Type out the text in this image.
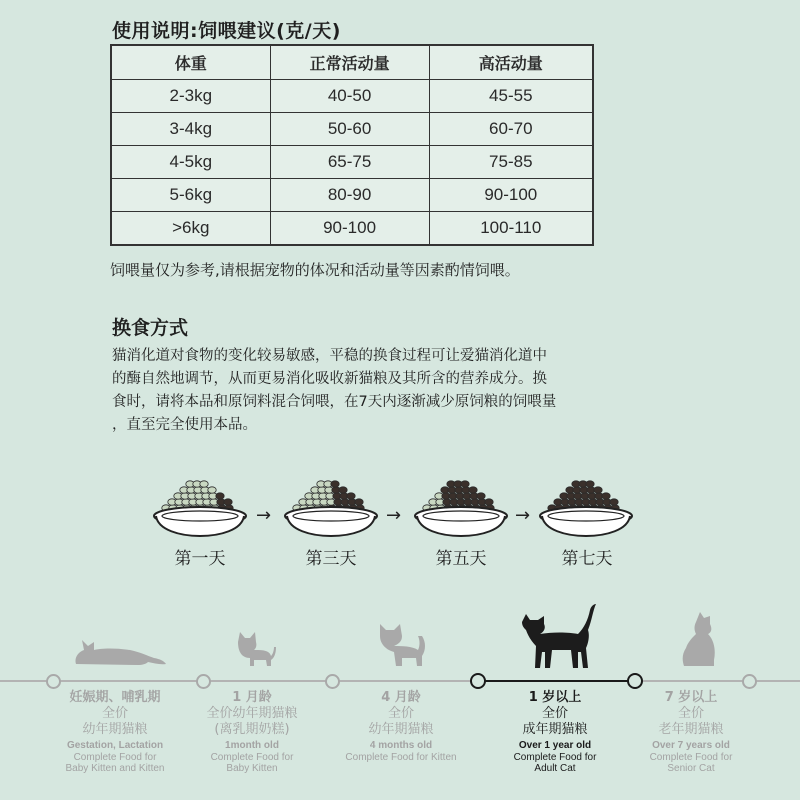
使用说明:饲喂建议(克/天)
体重	正常活动量	高活动量
2-3kg	40-50	45-55
3-4kg	50-60	60-70
4-5kg	65-75	75-85
5-6kg	80-90	90-100
>6kg	90-100	100-110
饲喂量仅为参考,请根据宠物的体况和活动量等因素酌情饲喂。
换食方式
猫消化道对食物的变化较易敏感，平稳的换食过程可让爱猫消化道中
的酶自然地调节，从而更易消化吸收新猫粮及其所含的营养成分。换
食时，请将本品和原饲料混合饲喂，在7天内逐渐减少原饲粮的饲喂量
，直至完全使用本品。
→	→	→
第一天	第三天	第五天	第七天
妊娠期、哺乳期
全价
幼年期猫粮
Gestation, Lactation
Complete Food for
Baby Kitten and Kitten
1 月龄
全价幼年期猫粮
(离乳期奶糕)
1month old
Complete Food for
Baby Kitten
4 月龄
全价
幼年期猫粮
4 months old
Complete Food for Kitten
1 岁以上
全价
成年期猫粮
Over 1 year old
Complete Food for
Adult Cat
7 岁以上
全价
老年期猫粮
Over 7 years old
Complete Food for
Senior Cat
